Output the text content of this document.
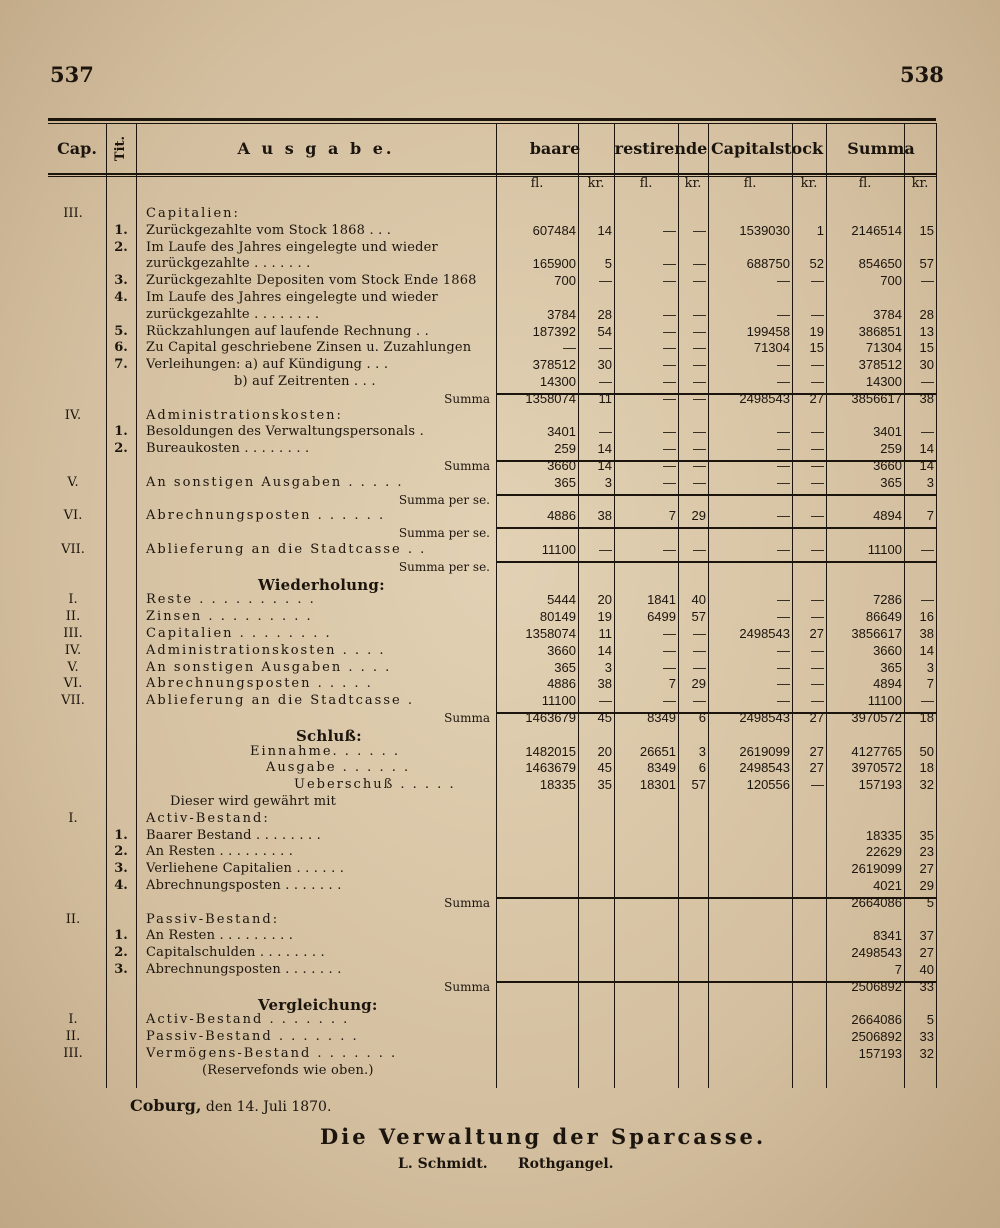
537	538
Cap.	Tit.	A u s g a b e.	baare	restirende Capitalstock	Summa
fl.	kr.	fl.	kr.	fl.	kr.	fl.	kr.
III.	Capitalien:
1.	Zurückgezahlte vom Stock 1868 . . .	607484	14	—	—	1539030	1	2146514	15
2.	Im Laufe des Jahres eingelegte und wieder
zurückgezahlte . . . . . . .	165900	5	—	—	688750	52	854650	57
3.	Zurückgezahlte Depositen vom Stock Ende 1868	700	—	—	—	—	—	700	—
4.	Im Laufe des Jahres eingelegte und wieder
zurückgezahlte . . . . . . . .	3784	28	—	—	—	—	3784	28
5.	Rückzahlungen auf laufende Rechnung . .	187392	54	—	—	199458	19	386851	13
6.	Zu Capital geschriebene Zinsen u. Zuzahlungen	—	—	—	—	71304	15	71304	15
7.	Verleihungen: a) auf Kündigung . . .	378512	30	—	—	—	—	378512	30
b) auf Zeitrenten . . .	14300	—	—	—	—	—	14300	—
Summa	1358074	11	—	—	2498543	27	3856617	38
IV.	Administrationskosten:
1.	Besoldungen des Verwaltungspersonals .	3401	—	—	—	—	—	3401	—
2.	Bureaukosten . . . . . . . .	259	14	—	—	—	—	259	14
Summa	3660	14	—	—	—	—	3660	14
V.	An sonstigen Ausgaben . . . . .	365	3	—	—	—	—	365	3
Summa per se.
VI.	Abrechnungsposten . . . . . .	4886	38	7	29	—	—	4894	7
Summa per se.
VII.	Ablieferung an die Stadtcasse . .	11100	—	—	—	—	—	11100	—
Summa per se.
Wiederholung:
I.	Reste . . . . . . . . . .	5444	20	1841	40	—	—	7286	—
II.	Zinsen . . . . . . . . .	80149	19	6499	57	—	—	86649	16
III.	Capitalien . . . . . . . .	1358074	11	—	—	2498543	27	3856617	38
IV.	Administrationskosten . . . .	3660	14	—	—	—	—	3660	14
V.	An sonstigen Ausgaben . . . .	365	3	—	—	—	—	365	3
VI.	Abrechnungsposten . . . . .	4886	38	7	29	—	—	4894	7
VII.	Ablieferung an die Stadtcasse .	11100	—	—	—	—	—	11100	—
Summa	1463679	45	8349	6	2498543	27	3970572	18
Schluß:
Einnahme. . . . . .	1482015	20	26651	3	2619099	27	4127765	50
Ausgabe . . . . . .	1463679	45	8349	6	2498543	27	3970572	18
Ueberschuß . . . . .	18335	35	18301	57	120556	—	157193	32
Dieser wird gewährt mit
I.	Activ-Bestand:
1.	Baarer Bestand . . . . . . . .	18335	35
2.	An Resten . . . . . . . . .	22629	23
3.	Verliehene Capitalien . . . . . .	2619099	27
4.	Abrechnungsposten . . . . . . .	4021	29
Summa	2664086	5
II.	Passiv-Bestand:
1.	An Resten . . . . . . . . .	8341	37
2.	Capitalschulden . . . . . . . .	2498543	27
3.	Abrechnungsposten . . . . . . .	7	40
Summa	2506892	33
Vergleichung:
I.	Activ-Bestand . . . . . . .	2664086	5
II.	Passiv-Bestand . . . . . . .	2506892	33
III.	Vermögens-Bestand . . . . . . .	157193	32
(Reservefonds wie oben.)
Coburg, den 14. Juli 1870.
Die Verwaltung der Sparcasse.
L. Schmidt. Rothgangel.
